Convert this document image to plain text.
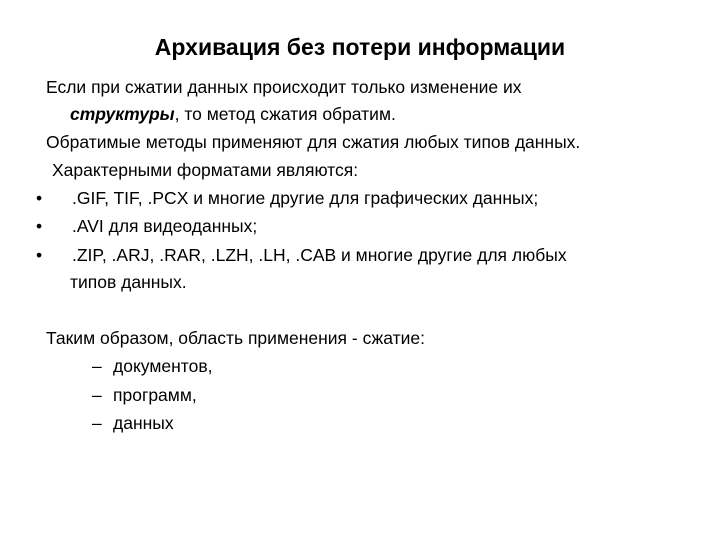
Архивация без потери информации
Если при сжатии данных происходит только изменение их
структуры, то метод сжатия обратим.
Обратимые методы применяют для сжатия любых типов данных.
Характерными форматами являются:
• .GIF, TIF, .PCX и многие другие для графических данных;
• .AVI для видеоданных;
• .ZIP, .ARJ, .RAR, .LZH, .LH, .CAB и многие другие для любых
типов данных.
Таким образом, область применения - сжатие:
– документов,
– программ,
– данных
